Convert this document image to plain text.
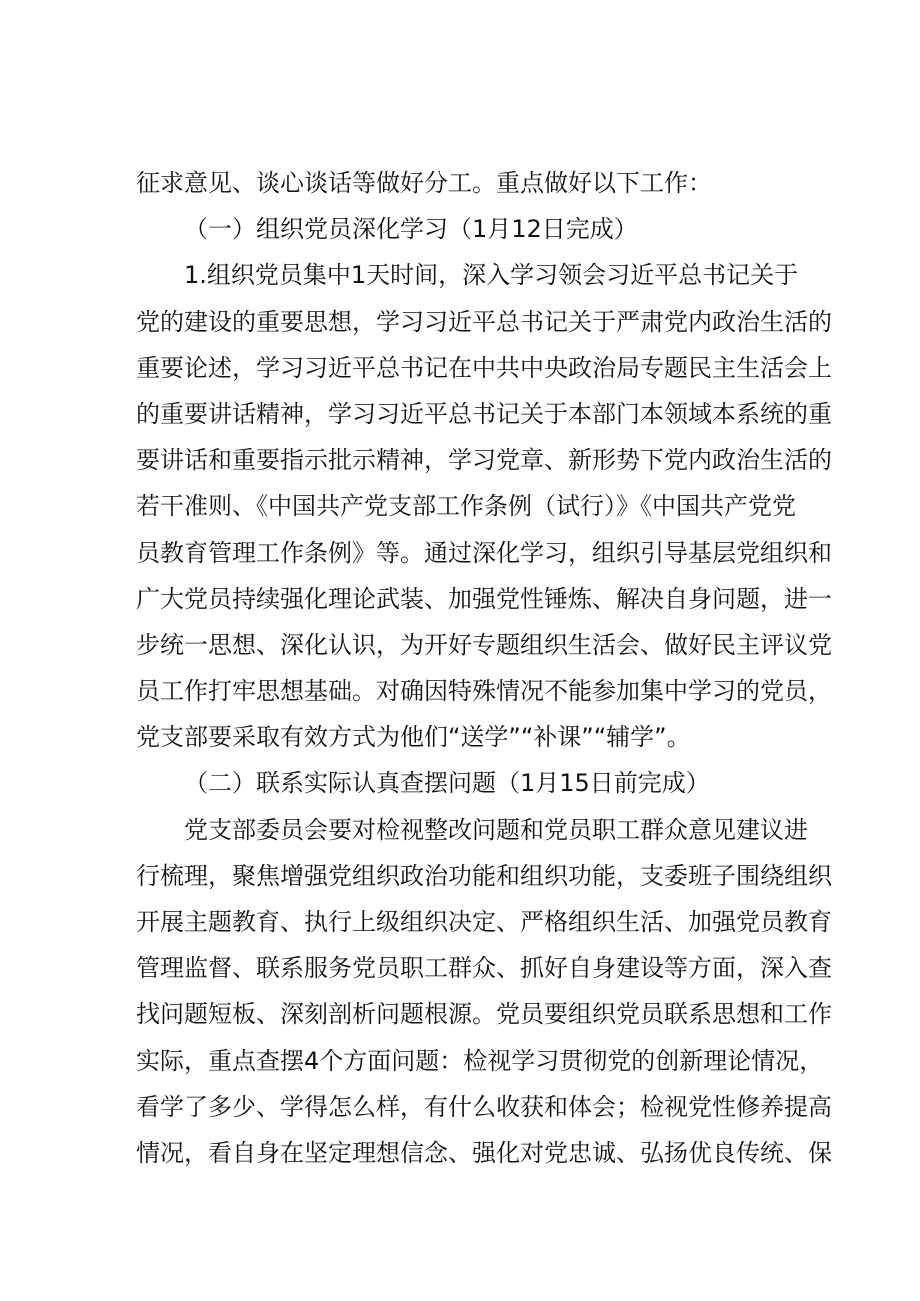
征求意见、谈心谈话等做好分工。重点做好以下工作：
（一）组织党员深化学习（1月12日完成）
1.组织党员集中1天时间，深入学习领会习近平总书记关于
党的建设的重要思想，学习习近平总书记关于严肃党内政治生活的
重要论述，学习习近平总书记在中共中央政治局专题民主生活会上
的重要讲话精神，学习习近平总书记关于本部门本领域本系统的重
要讲话和重要指示批示精神，学习党章、新形势下党内政治生活的
若干准则、《中国共产党支部工作条例（试行）》《中国共产党党
员教育管理工作条例》等。通过深化学习，组织引导基层党组织和
广大党员持续强化理论武装、加强党性锤炼、解决自身问题，进一
步统一思想、深化认识，为开好专题组织生活会、做好民主评议党
员工作打牢思想基础。对确因特殊情况不能参加集中学习的党员，
党支部要采取有效方式为他们“送学”“补课”“辅学”。
（二）联系实际认真查摆问题（1月15日前完成）
党支部委员会要对检视整改问题和党员职工群众意见建议进
行梳理，聚焦增强党组织政治功能和组织功能，支委班子围绕组织
开展主题教育、执行上级组织决定、严格组织生活、加强党员教育
管理监督、联系服务党员职工群众、抓好自身建设等方面，深入查
找问题短板、深刻剖析问题根源。党员要组织党员联系思想和工作
实际，重点查摆4个方面问题：检视学习贯彻党的创新理论情况，
看学了多少、学得怎么样，有什么收获和体会；检视党性修养提高
情况，看自身在坚定理想信念、强化对党忠诚、弘扬优良传统、保
